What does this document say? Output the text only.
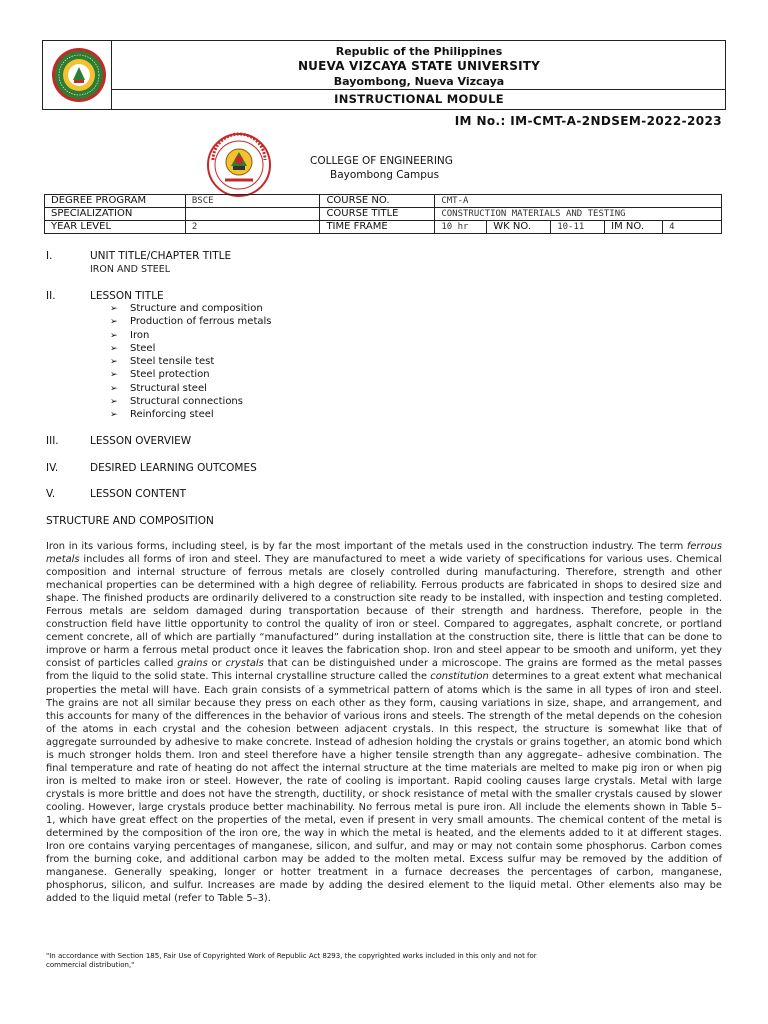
Republic of the Philippines
NUEVA VIZCAYA STATE UNIVERSITY
Bayombong, Nueva Vizcaya
INSTRUCTIONAL MODULE
IM No.: IM-CMT-A-2NDSEM-2022-2023
COLLEGE OF ENGINEERING
Bayombong Campus
DEGREE PROGRAM	BSCE	COURSE NO.	CMT-A				
SPECIALIZATION		COURSE TITLE	CONSTRUCTION MATERIALS AND TESTING				
YEAR LEVEL	2	TIME FRAME	10 hr	WK NO.	10-11	IM NO.	4
I.	UNIT TITLE/CHAPTER TITLE
IRON AND STEEL
II.	LESSON TITLE
➢ Structure and composition
➢ Production of ferrous metals
➢ Iron
➢ Steel
➢ Steel tensile test
➢ Steel protection
➢ Structural steel
➢ Structural connections
➢ Reinforcing steel
III.	LESSON OVERVIEW
IV.	DESIRED LEARNING OUTCOMES
V.	LESSON CONTENT
STRUCTURE AND COMPOSITION
Iron in its various forms, including steel, is by far the most important of the metals used in the construction industry. The term ferrous metals includes all forms of iron and steel. They are manufactured to meet a wide variety of specifications for various uses. Chemical composition and internal structure of ferrous metals are closely controlled during manufacturing. Therefore, strength and other mechanical properties can be determined with a high degree of reliability. Ferrous products are fabricated in shops to desired size and shape. The finished products are ordinarily delivered to a construction site ready to be installed, with inspection and testing completed. Ferrous metals are seldom damaged during transportation because of their strength and hardness. Therefore, people in the construction field have little opportunity to control the quality of iron or steel. Compared to aggregates, asphalt concrete, or portland cement concrete, all of which are partially “manufactured” during installation at the construction site, there is little that can be done to improve or harm a ferrous metal product once it leaves the fabrication shop. Iron and steel appear to be smooth and uniform, yet they consist of particles called grains or crystals that can be distinguished under a microscope. The grains are formed as the metal passes from the liquid to the solid state. This internal crystalline structure called the constitution determines to a great extent what mechanical properties the metal will have. Each grain consists of a symmetrical pattern of atoms which is the same in all types of iron and steel. The grains are not all similar because they press on each other as they form, causing variations in size, shape, and arrangement, and this accounts for many of the differences in the behavior of various irons and steels. The strength of the metal depends on the cohesion of the atoms in each crystal and the cohesion between adjacent crystals. In this respect, the structure is somewhat like that of aggregate surrounded by adhesive to make concrete. Instead of adhesion holding the crystals or grains together, an atomic bond which is much stronger holds them. Iron and steel therefore have a higher tensile strength than any aggregate– adhesive combination. The final temperature and rate of heating do not affect the internal structure at the time materials are melted to make pig iron or when pig iron is melted to make iron or steel. However, the rate of cooling is important. Rapid cooling causes large crystals. Metal with large crystals is more brittle and does not have the strength, ductility, or shock resistance of metal with the smaller crystals caused by slower cooling. However, large crystals produce better machinability. No ferrous metal is pure iron. All include the elements shown in Table 5–1, which have great effect on the properties of the metal, even if present in very small amounts. The chemical content of the metal is determined by the composition of the iron ore, the way in which the metal is heated, and the elements added to it at different stages. Iron ore contains varying percentages of manganese, silicon, and sulfur, and may or may not contain some phosphorus. Carbon comes from the burning coke, and additional carbon may be added to the molten metal. Excess sulfur may be removed by the addition of manganese. Generally speaking, longer or hotter treatment in a furnace decreases the percentages of carbon, manganese, phosphorus, silicon, and sulfur. Increases are made by adding the desired element to the liquid metal. Other elements also may be added to the liquid metal (refer to Table 5–3).
"In accordance with Section 185, Fair Use of Copyrighted Work of Republic Act 8293, the copyrighted works included in this only and not for commercial distribution,"
